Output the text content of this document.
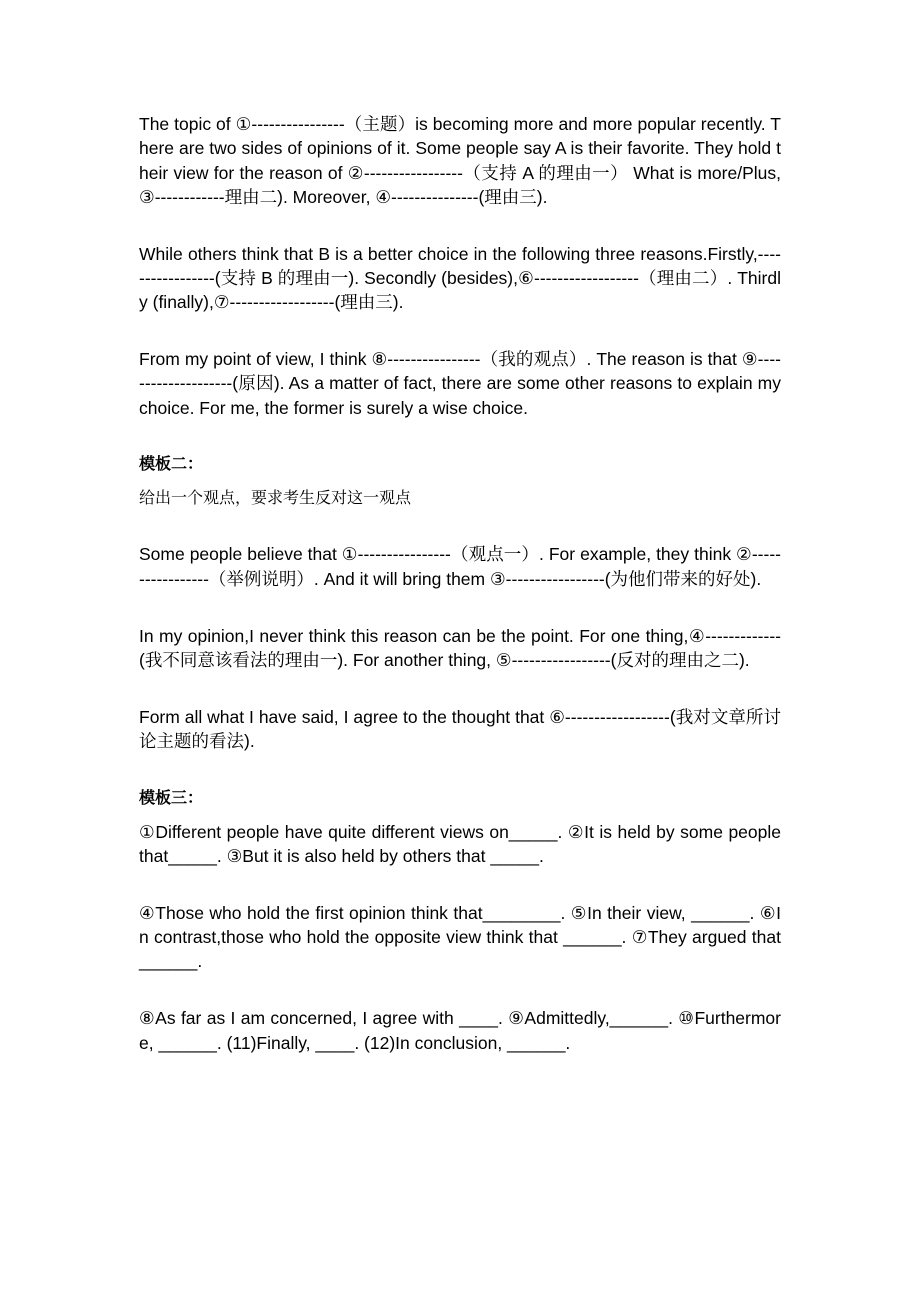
The topic of ①----------------（主题）is becoming more and more popular recently. There are two sides of opinions of it. Some people say A is their favorite. They hold their view for the reason of ②-----------------（支持 A 的理由一） What is more/Plus, ③------------理由二). Moreover, ④---------------(理由三).

While others think that B is a better choice in the following three reasons.Firstly,-----------------(支持 B 的理由一). Secondly (besides),⑥------------------（理由二）. Thirdly (finally),⑦------------------(理由三).

From my point of view, I think ⑧----------------（我的观点）. The reason is that ⑨--------------------(原因). As a matter of fact, there are some other reasons to explain my choice. For me, the former is surely a wise choice.

模板二：
给出一个观点，要求考生反对这一观点

Some people believe that ①----------------（观点一）. For example, they think ②-----------------（举例说明）. And it will bring them ③-----------------(为他们带来的好处).

In my opinion,I never think this reason can be the point. For one thing,④-------------(我不同意该看法的理由一). For another thing, ⑤-----------------(反对的理由之二).

Form all what I have said, I agree to the thought that ⑥------------------(我对文章所讨论主题的看法).

模板三：

①Different people have quite different views on_____. ②It is held by some people that_____. ③But it is also held by others that _____.

④Those who hold the first opinion think that________. ⑤In their view, ______. ⑥In contrast,those who hold the opposite view think that ______. ⑦They argued that ______.

⑧As far as I am concerned, I agree with ____. ⑨Admittedly,______. ⑩Furthermore, ______. (11)Finally, ____. (12)In conclusion, ______.
